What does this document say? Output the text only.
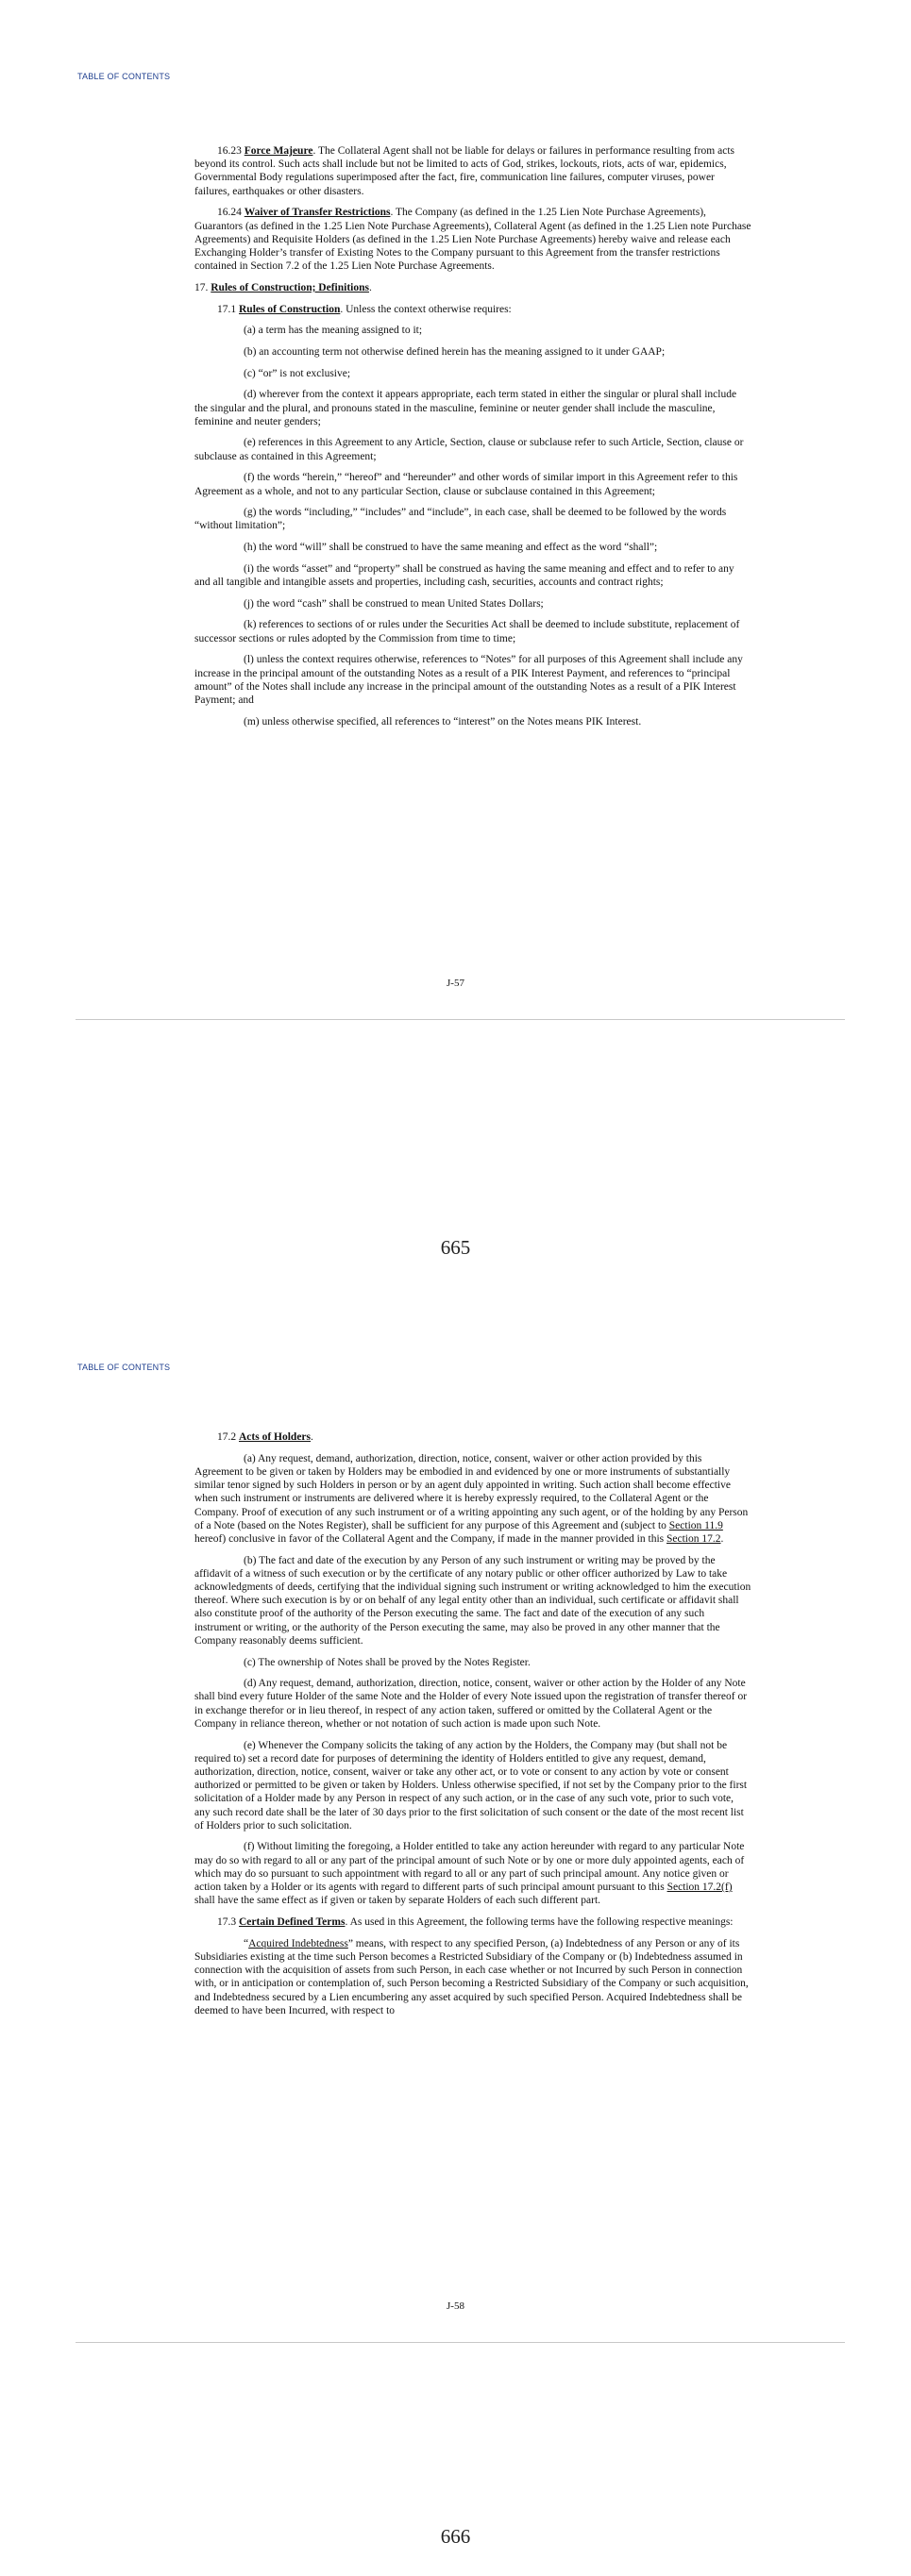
TABLE OF CONTENTS

16.23 Force Majeure. The Collateral Agent shall not be liable for delays or failures in performance resulting from acts beyond its control. Such acts shall include but not be limited to acts of God, strikes, lockouts, riots, acts of war, epidemics, Governmental Body regulations superimposed after the fact, fire, communication line failures, computer viruses, power failures, earthquakes or other disasters.

16.24 Waiver of Transfer Restrictions. The Company (as defined in the 1.25 Lien Note Purchase Agreements), Guarantors (as defined in the 1.25 Lien Note Purchase Agreements), Collateral Agent (as defined in the 1.25 Lien note Purchase Agreements) and Requisite Holders (as defined in the 1.25 Lien Note Purchase Agreements) hereby waive and release each Exchanging Holder’s transfer of Existing Notes to the Company pursuant to this Agreement from the transfer restrictions contained in Section 7.2 of the 1.25 Lien Note Purchase Agreements.

17. Rules of Construction; Definitions.

17.1 Rules of Construction. Unless the context otherwise requires:

(a) a term has the meaning assigned to it;

(b) an accounting term not otherwise defined herein has the meaning assigned to it under GAAP;

(c) “or” is not exclusive;

(d) wherever from the context it appears appropriate, each term stated in either the singular or plural shall include the singular and the plural, and pronouns stated in the masculine, feminine or neuter gender shall include the masculine, feminine and neuter genders;

(e) references in this Agreement to any Article, Section, clause or subclause refer to such Article, Section, clause or subclause as contained in this Agreement;

(f) the words “herein,” “hereof” and “hereunder” and other words of similar import in this Agreement refer to this Agreement as a whole, and not to any particular Section, clause or subclause contained in this Agreement;

(g) the words “including,” “includes” and “include”, in each case, shall be deemed to be followed by the words “without limitation”;

(h) the word “will” shall be construed to have the same meaning and effect as the word “shall”;

(i) the words “asset” and “property” shall be construed as having the same meaning and effect and to refer to any and all tangible and intangible assets and properties, including cash, securities, accounts and contract rights;

(j) the word “cash” shall be construed to mean United States Dollars;

(k) references to sections of or rules under the Securities Act shall be deemed to include substitute, replacement of successor sections or rules adopted by the Commission from time to time;

(l) unless the context requires otherwise, references to “Notes” for all purposes of this Agreement shall include any increase in the principal amount of the outstanding Notes as a result of a PIK Interest Payment, and references to “principal amount” of the Notes shall include any increase in the principal amount of the outstanding Notes as a result of a PIK Interest Payment; and

(m) unless otherwise specified, all references to “interest” on the Notes means PIK Interest.

J-57
665
TABLE OF CONTENTS

17.2 Acts of Holders.

(a) Any request, demand, authorization, direction, notice, consent, waiver or other action provided by this Agreement to be given or taken by Holders may be embodied in and evidenced by one or more instruments of substantially similar tenor signed by such Holders in person or by an agent duly appointed in writing. Such action shall become effective when such instrument or instruments are delivered where it is hereby expressly required, to the Collateral Agent or the Company. Proof of execution of any such instrument or of a writing appointing any such agent, or of the holding by any Person of a Note (based on the Notes Register), shall be sufficient for any purpose of this Agreement and (subject to Section 11.9 hereof) conclusive in favor of the Collateral Agent and the Company, if made in the manner provided in this Section 17.2.

(b) The fact and date of the execution by any Person of any such instrument or writing may be proved by the affidavit of a witness of such execution or by the certificate of any notary public or other officer authorized by Law to take acknowledgments of deeds, certifying that the individual signing such instrument or writing acknowledged to him the execution thereof. Where such execution is by or on behalf of any legal entity other than an individual, such certificate or affidavit shall also constitute proof of the authority of the Person executing the same. The fact and date of the execution of any such instrument or writing, or the authority of the Person executing the same, may also be proved in any other manner that the Company reasonably deems sufficient.

(c) The ownership of Notes shall be proved by the Notes Register.

(d) Any request, demand, authorization, direction, notice, consent, waiver or other action by the Holder of any Note shall bind every future Holder of the same Note and the Holder of every Note issued upon the registration of transfer thereof or in exchange therefor or in lieu thereof, in respect of any action taken, suffered or omitted by the Collateral Agent or the Company in reliance thereon, whether or not notation of such action is made upon such Note.

(e) Whenever the Company solicits the taking of any action by the Holders, the Company may (but shall not be required to) set a record date for purposes of determining the identity of Holders entitled to give any request, demand, authorization, direction, notice, consent, waiver or take any other act, or to vote or consent to any action by vote or consent authorized or permitted to be given or taken by Holders. Unless otherwise specified, if not set by the Company prior to the first solicitation of a Holder made by any Person in respect of any such action, or in the case of any such vote, prior to such vote, any such record date shall be the later of 30 days prior to the first solicitation of such consent or the date of the most recent list of Holders prior to such solicitation.

(f) Without limiting the foregoing, a Holder entitled to take any action hereunder with regard to any particular Note may do so with regard to all or any part of the principal amount of such Note or by one or more duly appointed agents, each of which may do so pursuant to such appointment with regard to all or any part of such principal amount. Any notice given or action taken by a Holder or its agents with regard to different parts of such principal amount pursuant to this Section 17.2(f) shall have the same effect as if given or taken by separate Holders of each such different part.

17.3 Certain Defined Terms. As used in this Agreement, the following terms have the following respective meanings:

“Acquired Indebtedness” means, with respect to any specified Person, (a) Indebtedness of any Person or any of its Subsidiaries existing at the time such Person becomes a Restricted Subsidiary of the Company or (b) Indebtedness assumed in connection with the acquisition of assets from such Person, in each case whether or not Incurred by such Person in connection with, or in anticipation or contemplation of, such Person becoming a Restricted Subsidiary of the Company or such acquisition, and Indebtedness secured by a Lien encumbering any asset acquired by such specified Person. Acquired Indebtedness shall be deemed to have been Incurred, with respect to

J-58
666
